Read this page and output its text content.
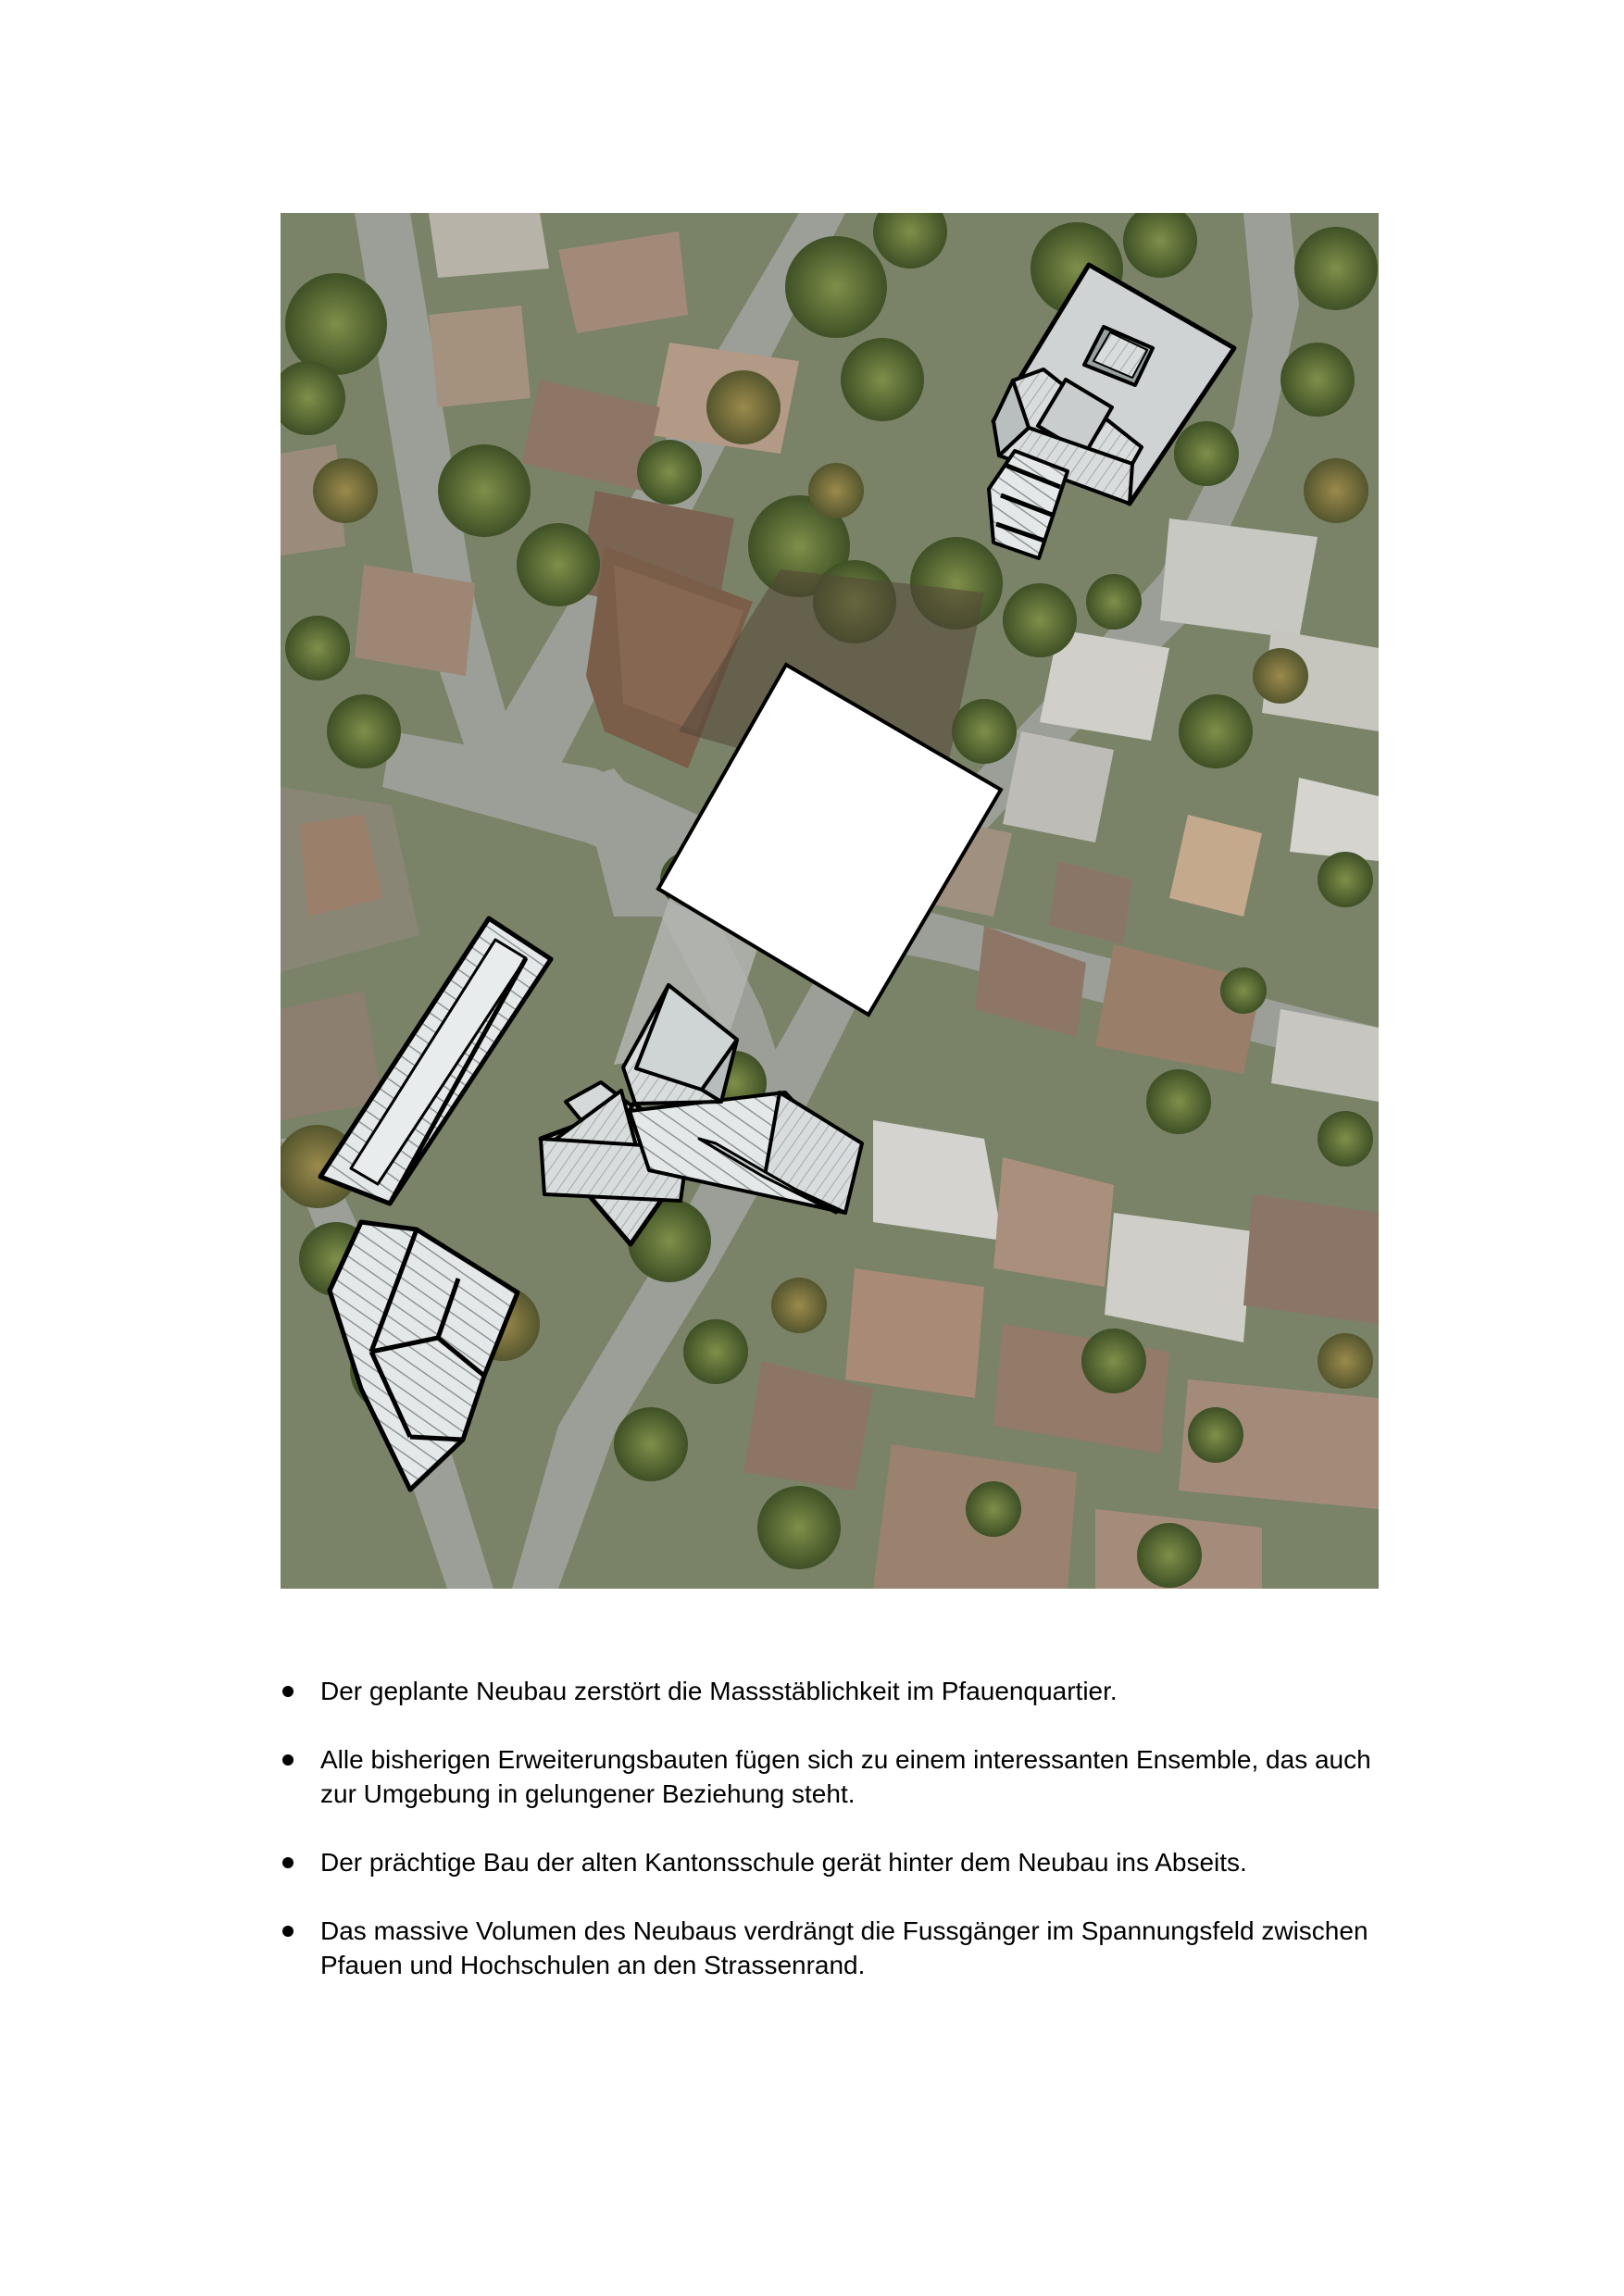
Der geplante Neubau zerstört die Massstäblichkeit im Pfauenquartier.
Alle bisherigen Erweiterungsbauten fügen sich zu einem interessanten Ensemble, das auch zur Umgebung in gelungener Beziehung steht.
Der prächtige Bau der alten Kantonsschule gerät hinter dem Neubau ins Abseits.
Das massive Volumen des Neubaus verdrängt die Fussgänger im Spannungsfeld zwischen Pfauen und Hochschulen an den Strassenrand.
